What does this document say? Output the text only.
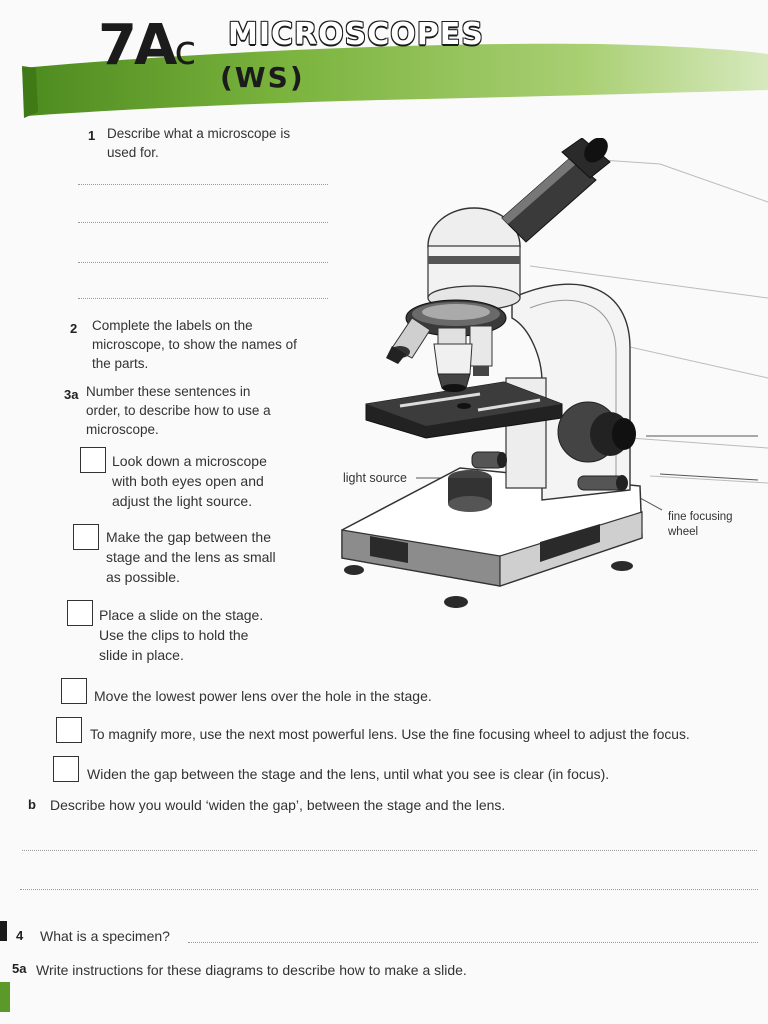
7Ac MICROSCOPES
(WS)
1 Describe what a microscope is
used for.
2 Complete the labels on the
microscope, to show the names of
the parts.
3a Number these sentences in
order, to describe how to use a
microscope.
Look down a microscope
with both eyes open and
adjust the light source.
Make the gap between the
stage and the lens as small
as possible.
Place a slide on the stage.
Use the clips to hold the
slide in place.
Move the lowest power lens over the hole in the stage.
To magnify more, use the next most powerful lens. Use the fine focusing wheel to adjust the focus.
Widen the gap between the stage and the lens, until what you see is clear (in focus).
b Describe how you would ‘widen the gap’, between the stage and the lens.
4 What is a specimen?
5a Write instructions for these diagrams to describe how to make a slide.
light source
fine focusing
wheel
